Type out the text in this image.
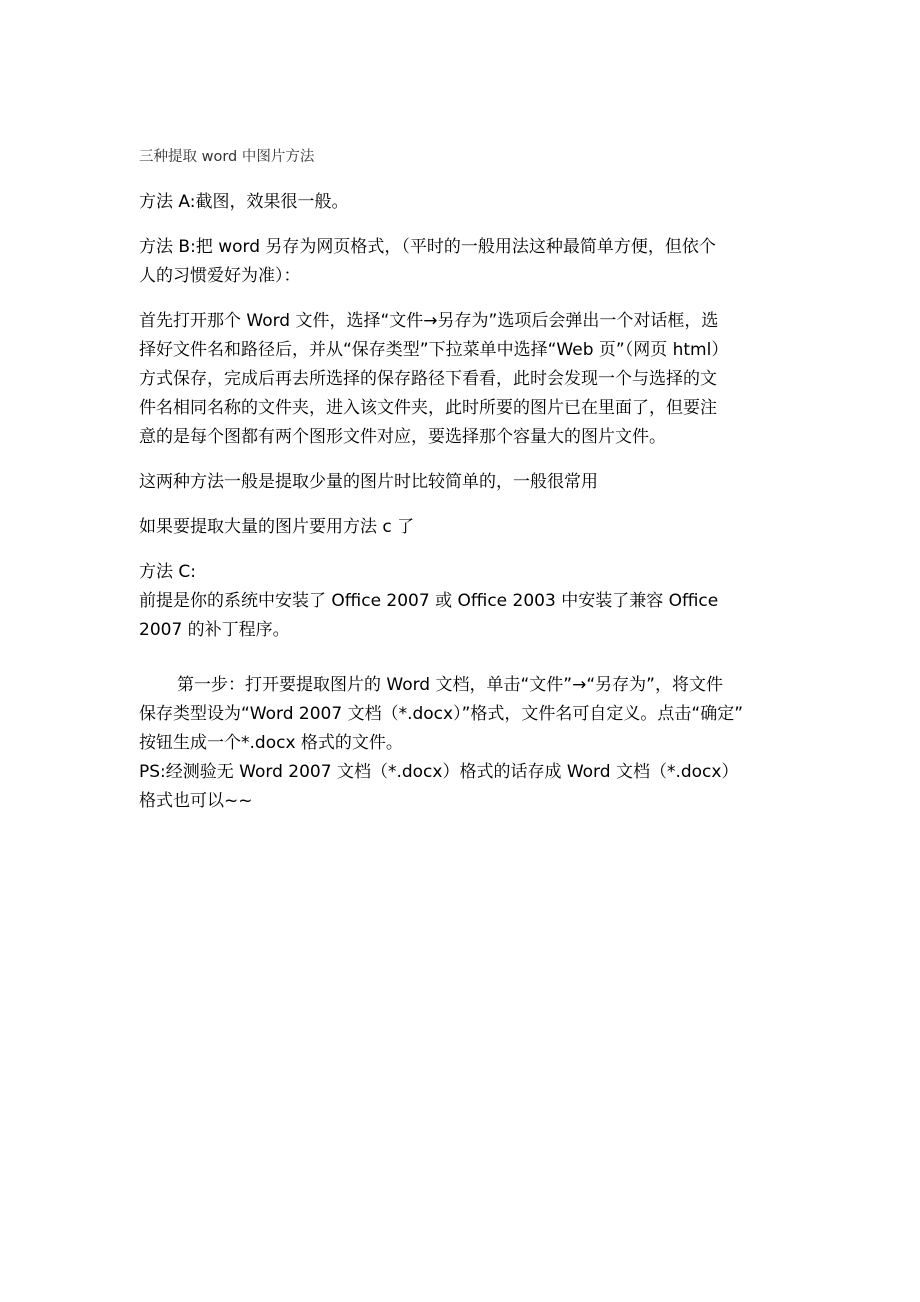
三种提取 word 中图片方法

方法 A:截图，效果很一般。

方法 B:把 word 另存为网页格式，（平时的一般用法这种最简单方便，但依个
人的习惯爱好为准）：

首先打开那个 Word 文件，选择“文件→另存为”选项后会弹出一个对话框，选
择好文件名和路径后，并从“保存类型”下拉菜单中选择“Web 页”（网页 html）
方式保存，完成后再去所选择的保存路径下看看，此时会发现一个与选择的文
件名相同名称的文件夹，进入该文件夹，此时所要的图片已在里面了，但要注
意的是每个图都有两个图形文件对应，要选择那个容量大的图片文件。

这两种方法一般是提取少量的图片时比较简单的，一般很常用

如果要提取大量的图片要用方法 c 了

方法 C:
前提是你的系统中安装了 Office 2007 或 Office 2003 中安装了兼容 Office
2007 的补丁程序。

第一步：打开要提取图片的 Word 文档，单击“文件”→“另存为”，将文件
保存类型设为“Word 2007 文档（*.docx）”格式，文件名可自定义。点击“确定”
按钮生成一个*.docx 格式的文件。

PS:经测验无 Word 2007 文档（*.docx）格式的话存成 Word 文档（*.docx）
格式也可以~~
